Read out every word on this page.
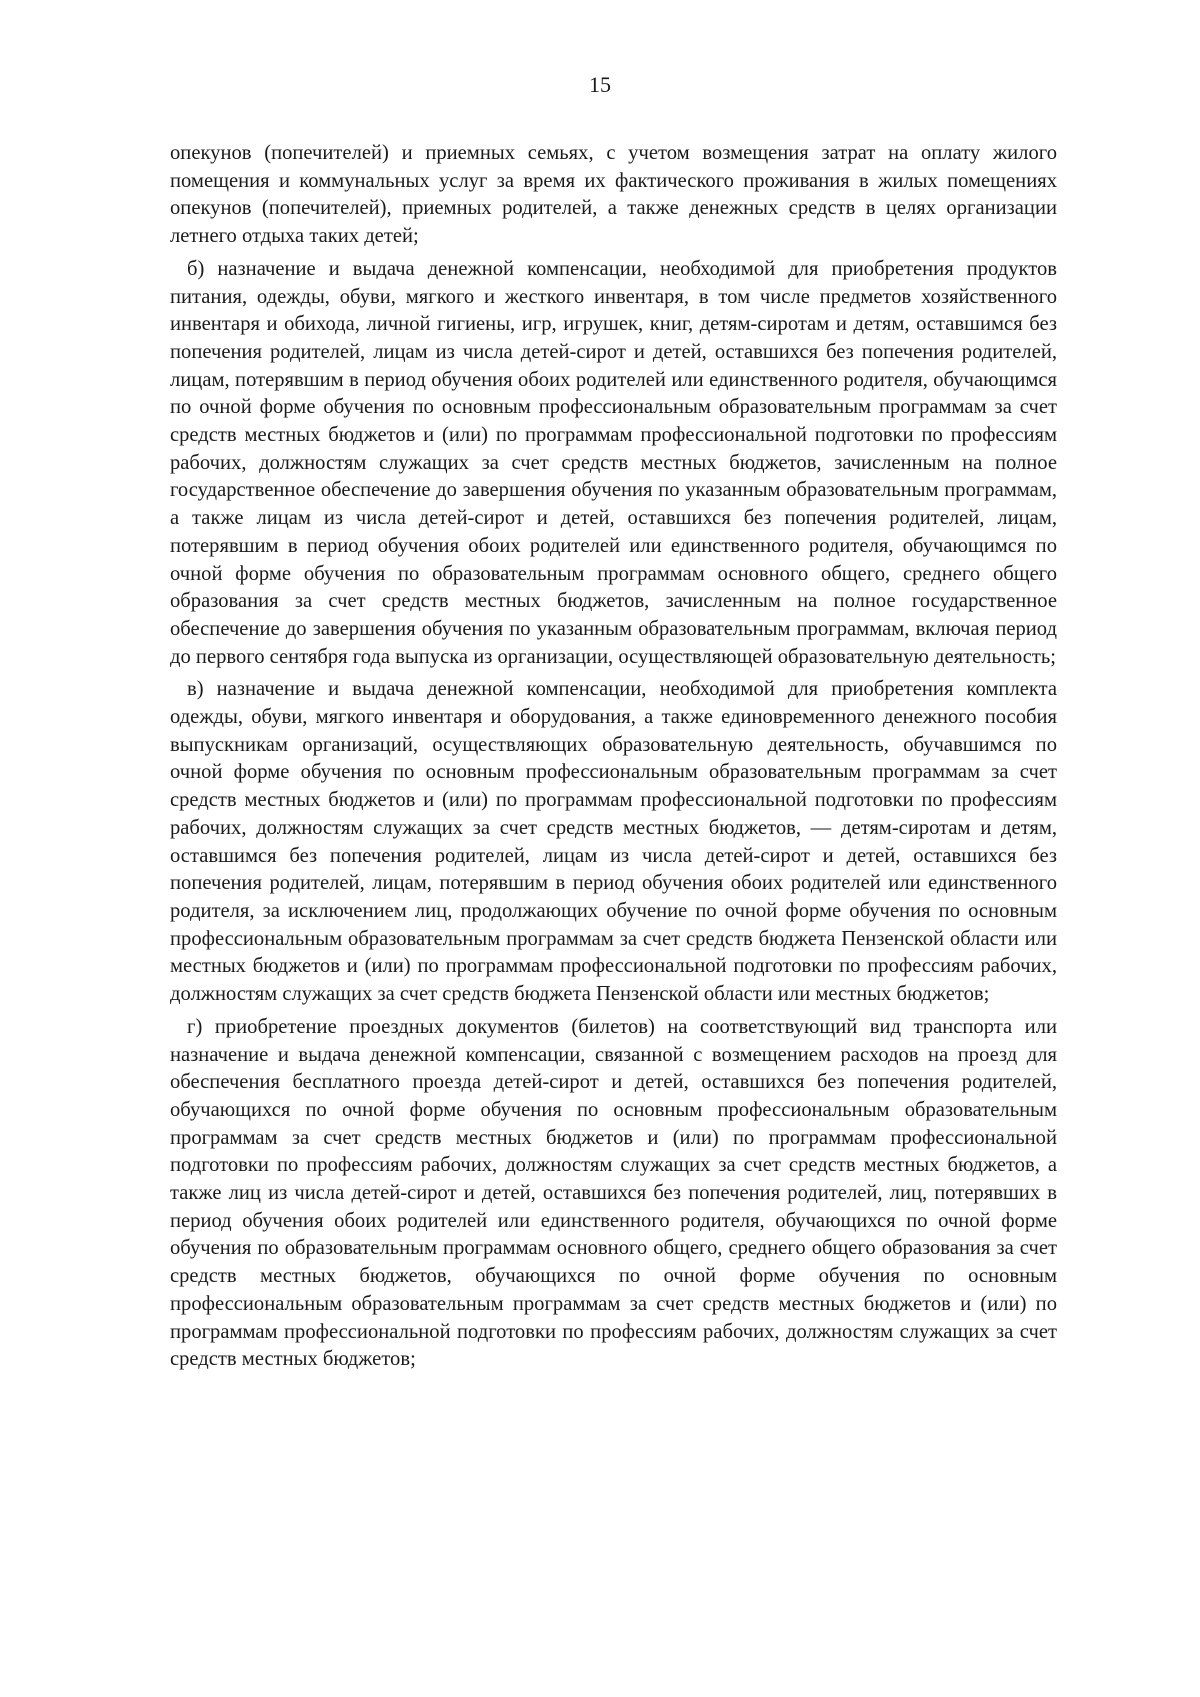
15

опекунов (попечителей) и приемных семьях, с учетом возмещения затрат на оплату жилого помещения и коммунальных услуг за время их фактического проживания в жилых помещениях опекунов (попечителей), приемных родителей, а также денежных средств в целях организации летнего отдыха таких детей;

б) назначение и выдача денежной компенсации, необходимой для приобретения продуктов питания, одежды, обуви, мягкого и жесткого инвентаря, в том числе предметов хозяйственного инвентаря и обихода, личной гигиены, игр, игрушек, книг, детям-сиротам и детям, оставшимся без попечения родителей, лицам из числа детей-сирот и детей, оставшихся без попечения родителей, лицам, потерявшим в период обучения обоих родителей или единственного родителя, обучающимся по очной форме обучения по основным профессиональным образовательным программам за счет средств местных бюджетов и (или) по программам профессиональной подготовки по профессиям рабочих, должностям служащих за счет средств местных бюджетов, зачисленным на полное государственное обеспечение до завершения обучения по указанным образовательным программам, а также лицам из числа детей-сирот и детей, оставшихся без попечения родителей, лицам, потерявшим в период обучения обоих родителей или единственного родителя, обучающимся по очной форме обучения по образовательным программам основного общего, среднего общего образования за счет средств местных бюджетов, зачисленным на полное государственное обеспечение до завершения обучения по указанным образовательным программам, включая период до первого сентября года выпуска из организации, осуществляющей образовательную деятельность;

в) назначение и выдача денежной компенсации, необходимой для приобретения комплекта одежды, обуви, мягкого инвентаря и оборудования, а также единовременного денежного пособия выпускникам организаций, осуществляющих образовательную деятельность, обучавшимся по очной форме обучения по основным профессиональным образовательным программам за счет средств местных бюджетов и (или) по программам профессиональной подготовки по профессиям рабочих, должностям служащих за счет средств местных бюджетов, — детям-сиротам и детям, оставшимся без попечения родителей, лицам из числа детей-сирот и детей, оставшихся без попечения родителей, лицам, потерявшим в период обучения обоих родителей или единственного родителя, за исключением лиц, продолжающих обучение по очной форме обучения по основным профессиональным образовательным программам за счет средств бюджета Пензенской области или местных бюджетов и (или) по программам профессиональной подготовки по профессиям рабочих, должностям служащих за счет средств бюджета Пензенской области или местных бюджетов;

г) приобретение проездных документов (билетов) на соответствующий вид транспорта или назначение и выдача денежной компенсации, связанной с возмещением расходов на проезд для обеспечения бесплатного проезда детей-сирот и детей, оставшихся без попечения родителей, обучающихся по очной форме обучения по основным профессиональным образовательным программам за счет средств местных бюджетов и (или) по программам профессиональной подготовки по профессиям рабочих, должностям служащих за счет средств местных бюджетов, а также лиц из числа детей-сирот и детей, оставшихся без попечения родителей, лиц, потерявших в период обучения обоих родителей или единственного родителя, обучающихся по очной форме обучения по образовательным программам основного общего, среднего общего образования за счет средств местных бюджетов, обучающихся по очной форме обучения по основным профессиональным образовательным программам за счет средств местных бюджетов и (или) по программам профессиональной подготовки по профессиям рабочих, должностям служащих за счет средств местных бюджетов;
